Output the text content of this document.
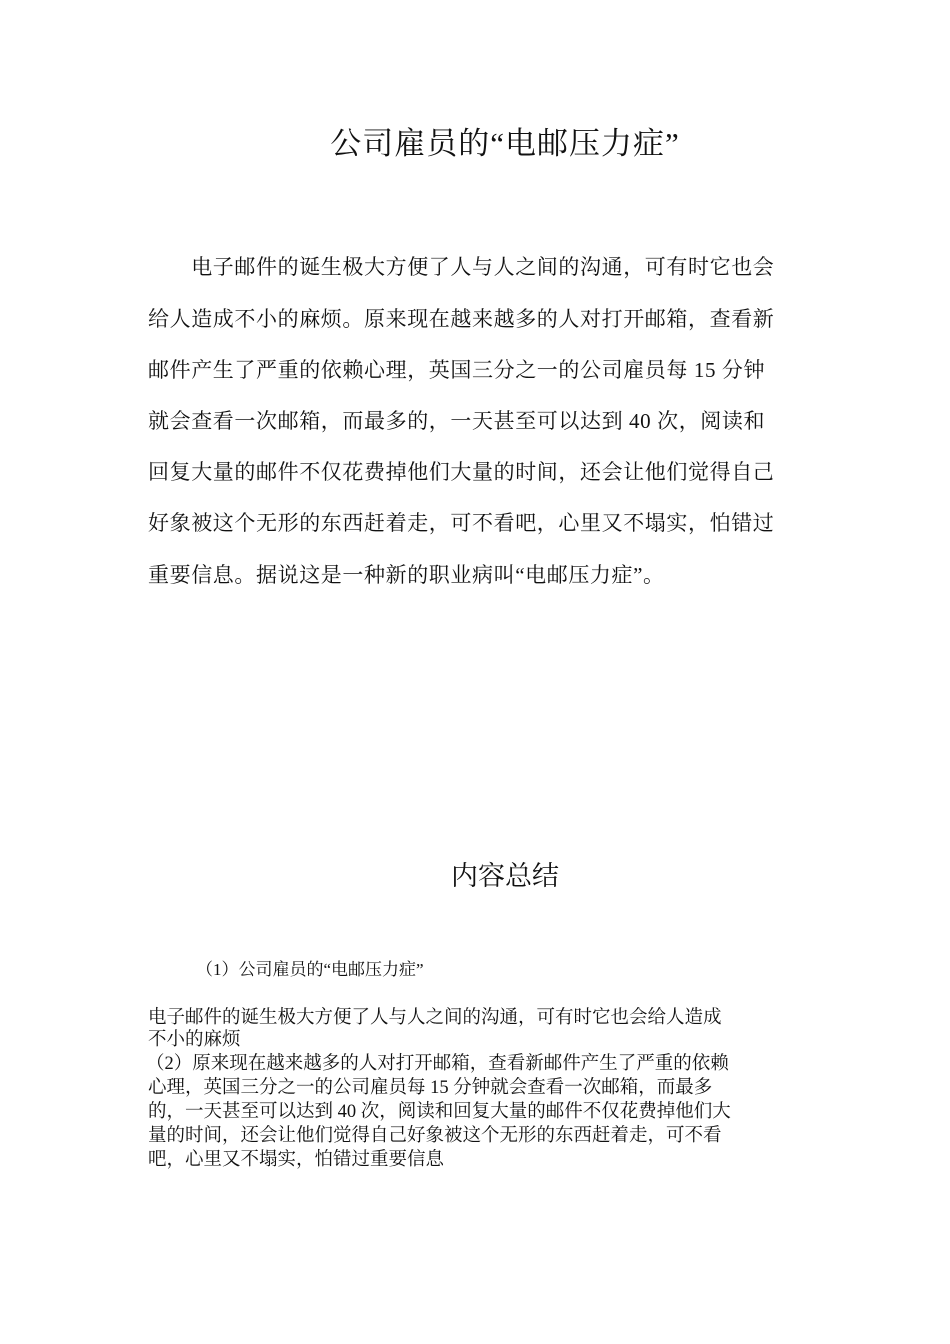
公司雇员的“电邮压力症”
　　电子邮件的诞生极大方便了人与人之间的沟通，可有时它也会
给人造成不小的麻烦。原来现在越来越多的人对打开邮箱，查看新
邮件产生了严重的依赖心理，英国三分之一的公司雇员每 15 分钟
就会查看一次邮箱，而最多的，一天甚至可以达到 40 次，阅读和
回复大量的邮件不仅花费掉他们大量的时间，还会让他们觉得自己
好象被这个无形的东西赶着走，可不看吧，心里又不塌实，怕错过
重要信息。据说这是一种新的职业病叫“电邮压力症”。
内容总结
（1）公司雇员的“电邮压力症”
电子邮件的诞生极大方便了人与人之间的沟通，可有时它也会给人造成
不小的麻烦
（2）原来现在越来越多的人对打开邮箱，查看新邮件产生了严重的依赖
心理，英国三分之一的公司雇员每 15 分钟就会查看一次邮箱，而最多
的，一天甚至可以达到 40 次，阅读和回复大量的邮件不仅花费掉他们大
量的时间，还会让他们觉得自己好象被这个无形的东西赶着走，可不看
吧，心里又不塌实，怕错过重要信息
